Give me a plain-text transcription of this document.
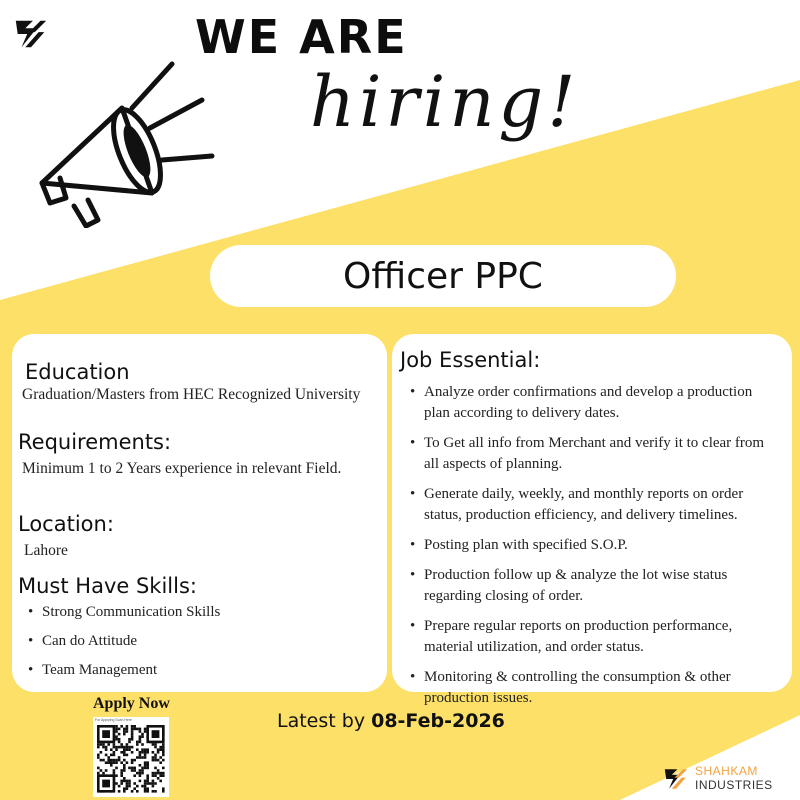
WE ARE
hiring!
Officer PPC
Education
Graduation/Masters from HEC Recognized University
Requirements:
Minimum 1 to 2 Years experience in relevant Field.
Location:
Lahore
Must Have Skills:
• Strong Communication Skills
• Can do Attitude
• Team Management
Job Essential:
• Analyze order confirmations and develop a production plan according to delivery dates.
• To Get all info from Merchant and verify it to clear from all aspects of planning.
• Generate daily, weekly, and monthly reports on order status, production efficiency, and delivery timelines.
• Posting plan with specified S.O.P.
• Production follow up & analyze the lot wise status regarding closing of order.
• Prepare regular reports on production performance, material utilization, and order status.
• Monitoring & controlling the consumption & other production issues.
Apply Now
For Applying Scan Here	Latest by 08-Feb-2026
SHAHKAM
INDUSTRIES
